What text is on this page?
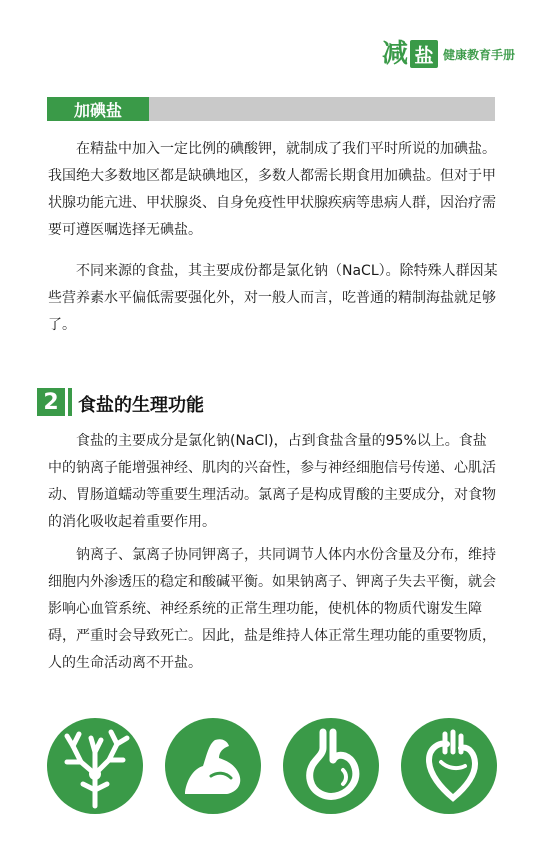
减 盐 健康教育手册
加碘盐

　　在精盐中加入一定比例的碘酸钾，就制成了我们平时所说的加碘盐。我国绝大多数地区都是缺碘地区，多数人都需长期食用加碘盐。但对于甲状腺功能亢进、甲状腺炎、自身免疫性甲状腺疾病等患病人群，因治疗需要可遵医嘱选择无碘盐。

　　不同来源的食盐，其主要成份都是氯化钠（NaCL）。除特殊人群因某些营养素水平偏低需要强化外，对一般人而言，吃普通的精制海盐就足够了。

2	食盐的生理功能

　　食盐的主要成分是氯化钠(NaCl)，占到食盐含量的95%以上。食盐中的钠离子能增强神经、肌肉的兴奋性，参与神经细胞信号传递、心肌活动、胃肠道蠕动等重要生理活动。氯离子是构成胃酸的主要成分，对食物的消化吸收起着重要作用。

　　钠离子、氯离子协同钾离子，共同调节人体内水份含量及分布，维持细胞内外渗透压的稳定和酸碱平衡。如果钠离子、钾离子失去平衡，就会影响心血管系统、神经系统的正常生理功能，使机体的物质代谢发生障碍，严重时会导致死亡。因此，盐是维持人体正常生理功能的重要物质，人的生命活动离不开盐。
